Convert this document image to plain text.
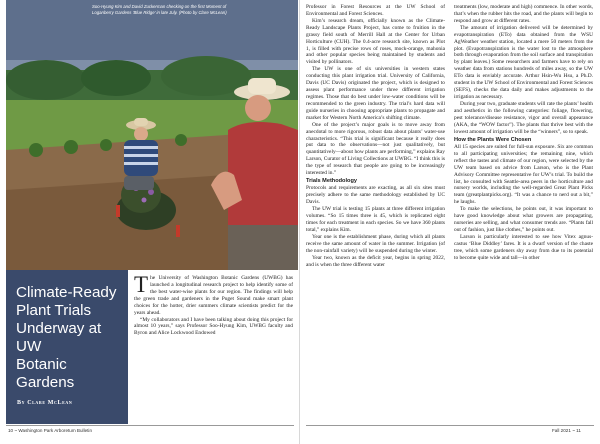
Soo-Hyung Kim and David Zuckerman checking on the first Moment of Loganberry Gardens ‘Blue Ridge’ in late July. (Photo by Clare McLean)
Climate-Ready
Plant Trials
Underway at UW
Botanic Gardens
By Clare McLean
T he University of Washington Botanic Gardens (UWBG) has launched a longitudinal research project to help identify some of the best water-wise plants for our region. The findings will help the green trade and gardeners in the Puget Sound make smart plant choices for the hotter, drier summers climate scientists predict for the years ahead.

“My collaborators and I have been talking about doing this project for almost 10 years,” says Professor Soo-Hyung Kim, UWBG faculty and Byron and Alice Lockwood Endowed

Professor in Forest Resources at the UW School of Environmental and Forest Sciences.

Kim’s research dream, officially known as the Climate-Ready Landscape Plants Project, has come to fruition in the grassy field south of Merrill Hall at the Center for Urban Horticulture (CUH). The 0.4-acre research site, known as Plot 1, is filled with precise rows of roses, mock-orange, mahonia and other popular species being maintained by students and visited by pollinators.

The UW is one of six universities in western states conducting this plant irrigation trial. University of California, Davis (UC Davis) originated the project, which is designed to assess plant performance under three different irrigation regimes. Those that do best under low-water conditions will be recommended to the green industry. The trial’s hard data will guide nurseries in choosing appropriate plants to propagate and market for Western North America’s shifting climate.

One of the project’s major goals is to move away from anecdotal to more rigorous, robust data about plants’ water-use characteristics. “This trial is significant because it really does put data to the observations—not just qualitatively, but quantitatively—about how plants are performing,” explains Ray Larson, Curator of Living Collections at UWBG. “I think this is the type of research that people are going to be increasingly interested in.”

Trials Methodology

Protocols and requirements are exacting, as all six sites must precisely adhere to the same methodology established by UC Davis.

The UW trial is testing 15 plants at three different irrigation volumes. “So 15 times three is 45, which is replicated eight times for each treatment in each species. So we have 360 plants total,” explains Kim.

Year one is the establishment phase, during which all plants receive the same amount of water in the summer. Irrigation (of the non-rainfall variety) will be suspended during the winter.

Year two, known as the deficit year, begins in spring 2022, and is when the three different water

treatments (low, moderate and high) commence. In other words, that’s when the rubber hits the road, and the plants will begin to respond and grow at different rates.

The amount of irrigation delivered will be determined by evapotranspiration (ETo) data obtained from the WSU AgWeather weather station, located a mere 50 meters from the plot. (Evapotranspiration is the water lost to the atmosphere both through evaporation from the soil surface and transpiration by plant leaves.) Some researchers and farmers have to rely on weather data from stations hundreds of miles away, so the UW ETo data is enviably accurate. Arthur Hsin-Wu Hsu, a Ph.D. student in the UW School of Environmental and Forest Sciences (SEFS), checks the data daily and makes adjustments to the irrigation as necessary.

During year two, graduate students will rate the plants’ health and aesthetics in the following categories: foliage, flowering, pest tolerance/disease resistance, vigor and overall appearance (AKA, the “WOW factor”). The plants that thrive best with the lowest amount of irrigation will be the “winners”, so to speak.

How the Plants Were Chosen

All 15 species are suited for full-sun exposure. Six are common to all participating universities; the remaining nine, which reflect the tastes and climate of our region, were selected by the UW team based on advice from Larson, who is the Plant Advisory Committee representative for UW’s trial. To build the list, he consulted with Seattle-area peers in the horticulture and nursery worlds, including the well-regarded Great Plant Picks team (greatplantpicks.org). “It was a chance to nerd out a bit,” he laughs.

To make the selections, he points out, it was important to have good knowledge about what growers are propagating, nurseries are selling, and what consumer trends are. “Plants fall out of fashion, just like clothes,” he points out.

Larson is particularly interested to see how Vitex agnus-castus ‘Blue Diddley’ fares. It is a dwarf version of the chaste tree, which some gardeners shy away from due to its potential to become quite wide and tall—in other

10 ~ Washington Park Arboretum Bulletin	Fall 2021 ~ 11
